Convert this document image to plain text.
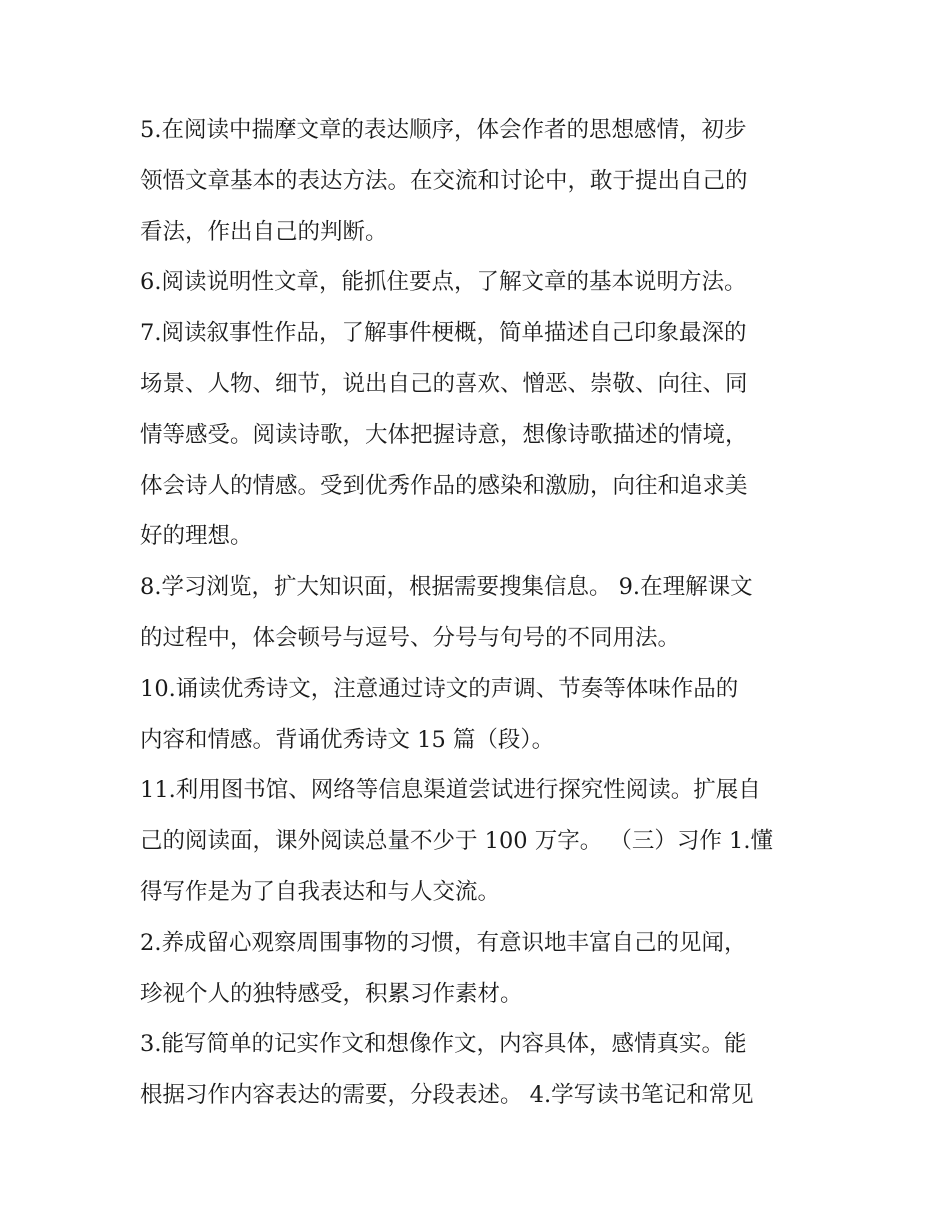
5.在阅读中揣摩文章的表达顺序，体会作者的思想感情，初步
领悟文章基本的表达方法。在交流和讨论中，敢于提出自己的
看法，作出自己的判断。
6.阅读说明性文章，能抓住要点，了解文章的基本说明方法。
7.阅读叙事性作品，了解事件梗概，简单描述自己印象最深的
场景、人物、细节，说出自己的喜欢、憎恶、崇敬、向往、同
情等感受。阅读诗歌，大体把握诗意，想像诗歌描述的情境，
体会诗人的情感。受到优秀作品的感染和激励，向往和追求美
好的理想。
8.学习浏览，扩大知识面，根据需要搜集信息。 9.在理解课文
的过程中，体会顿号与逗号、分号与句号的不同用法。
10.诵读优秀诗文，注意通过诗文的声调、节奏等体味作品的
内容和情感。背诵优秀诗文 15 篇（段）。
11.利用图书馆、网络等信息渠道尝试进行探究性阅读。扩展自
己的阅读面，课外阅读总量不少于 100 万字。 （三）习作 1.懂
得写作是为了自我表达和与人交流。
2.养成留心观察周围事物的习惯，有意识地丰富自己的见闻，
珍视个人的独特感受，积累习作素材。
3.能写简单的记实作文和想像作文，内容具体，感情真实。能
根据习作内容表达的需要，分段表述。 4.学写读书笔记和常见
